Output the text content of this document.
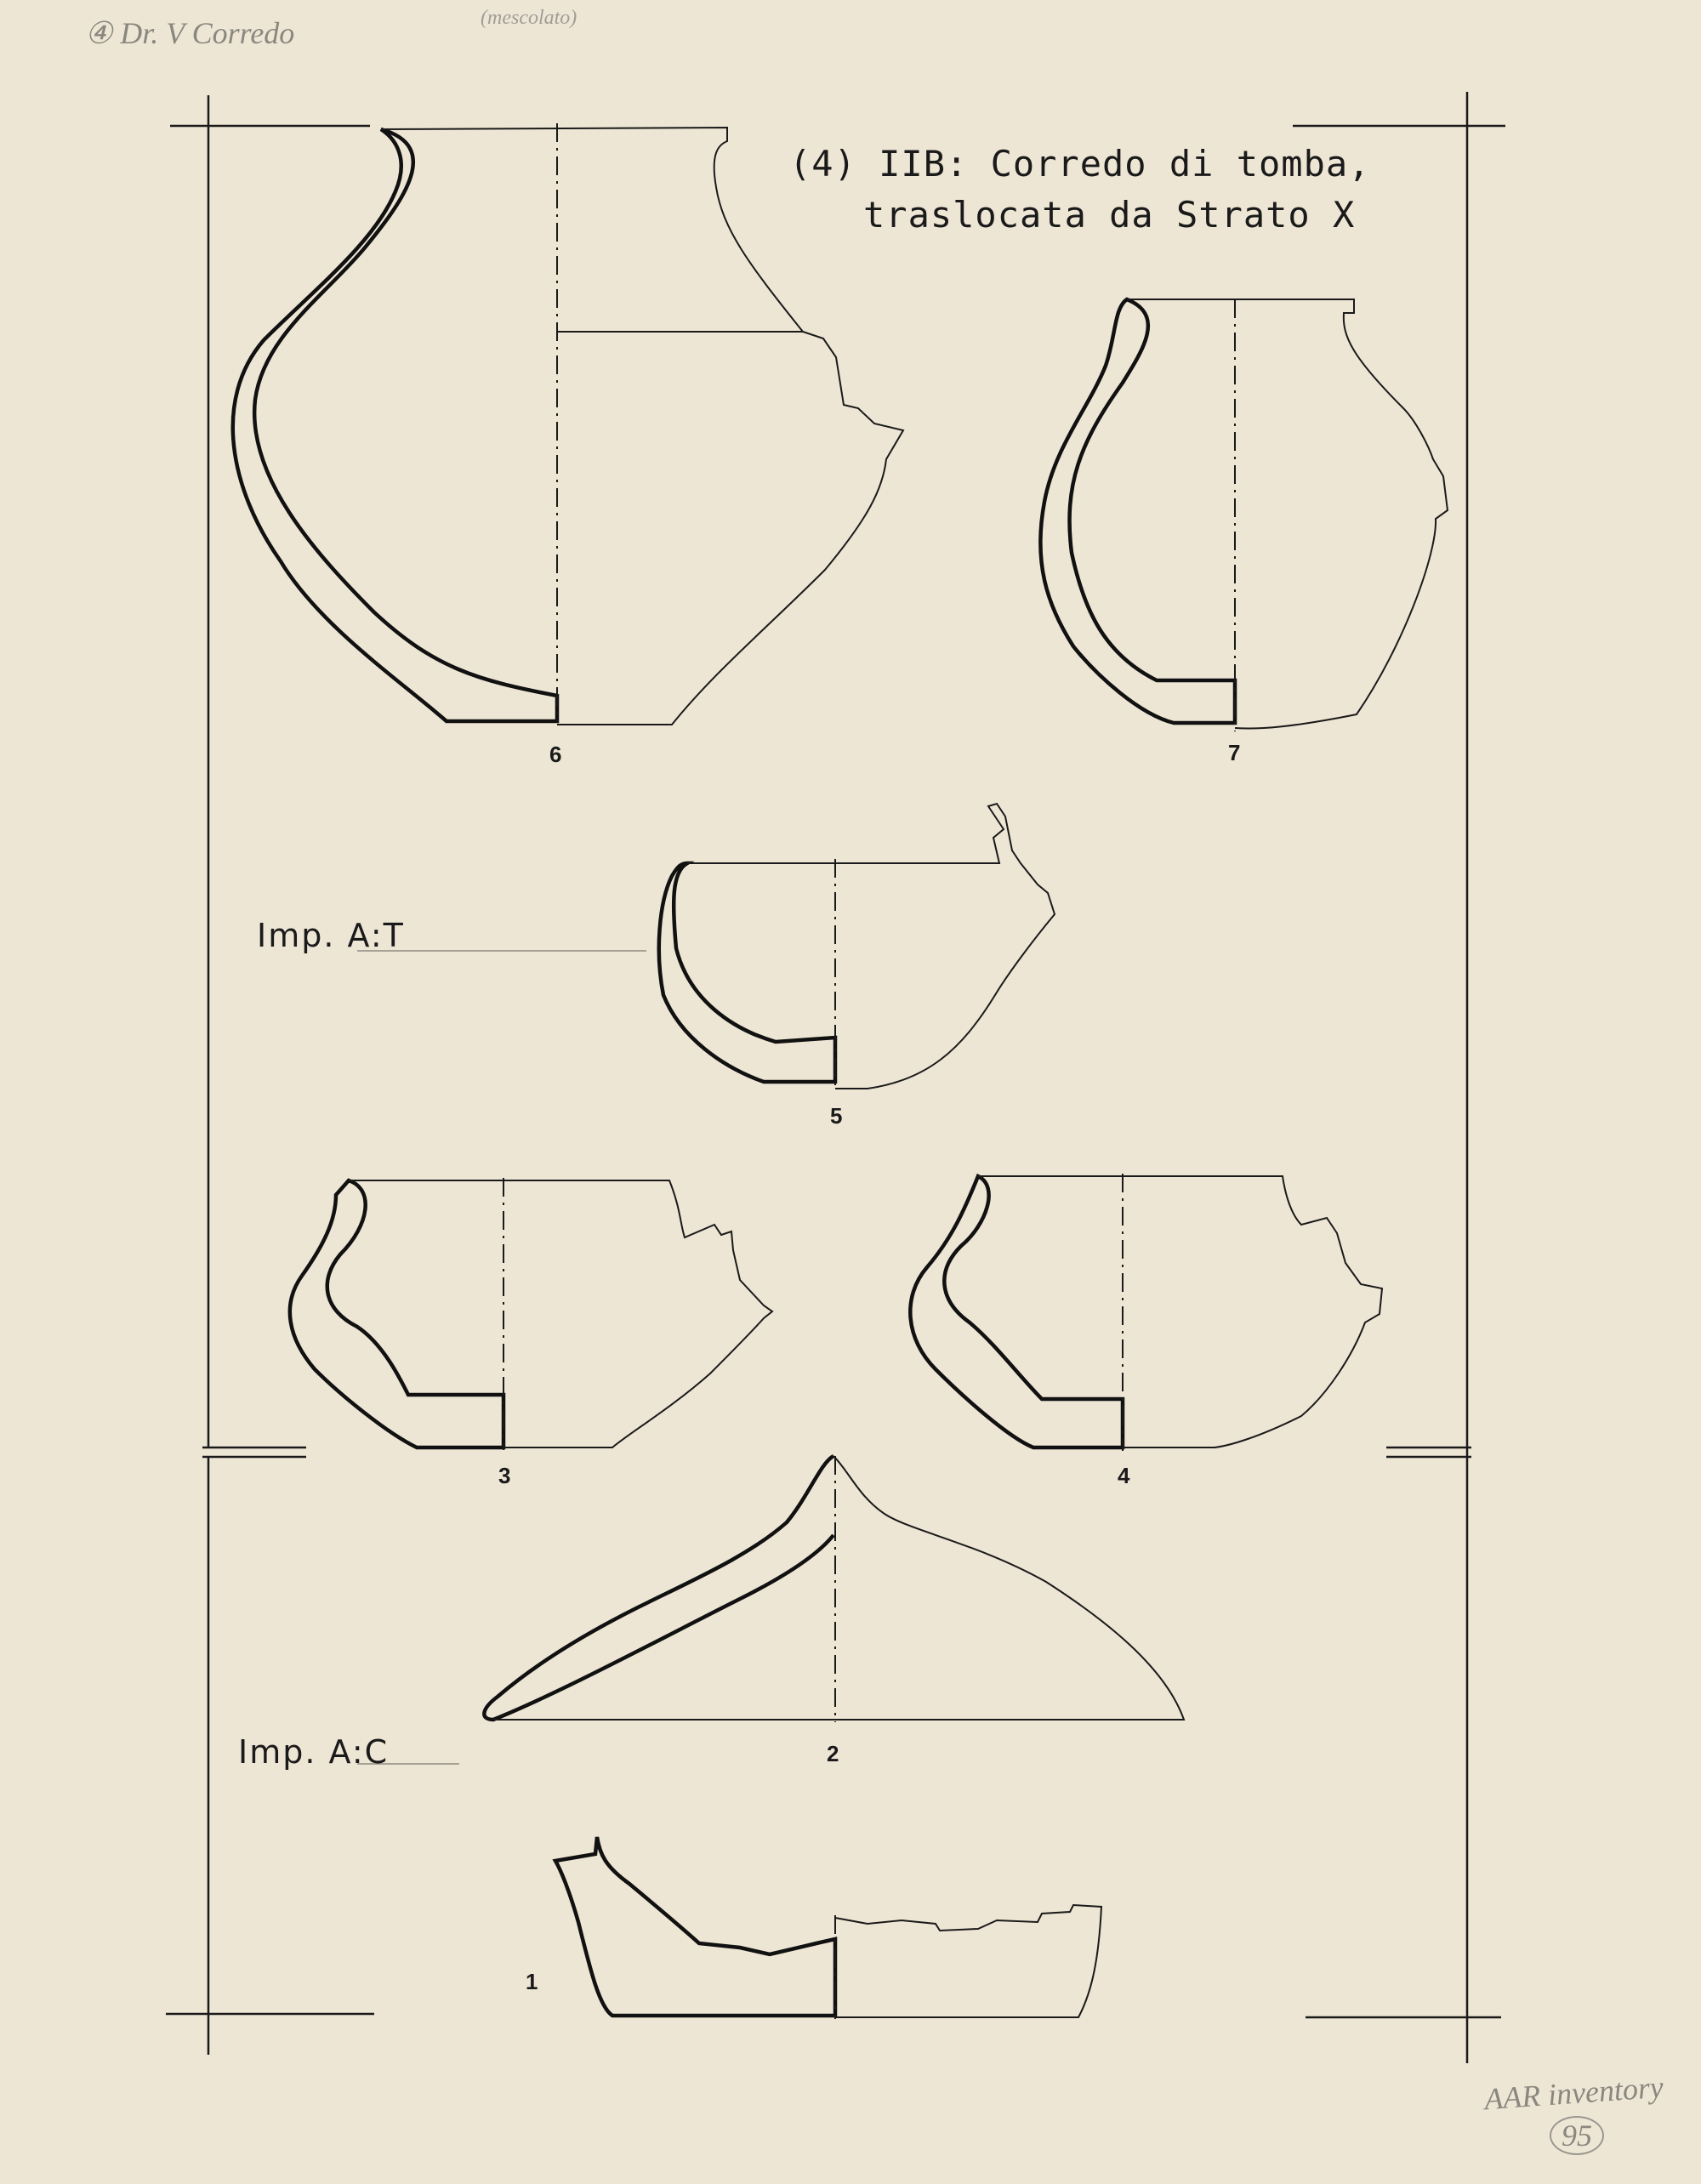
④ Dr. V Corredo	(mescolato)
(4) IIB: Corredo di tomba,
traslocata da Strato X
Imp. A:T
Imp. A:C
6	7
5
3	4
2
1
AAR inventory
95
